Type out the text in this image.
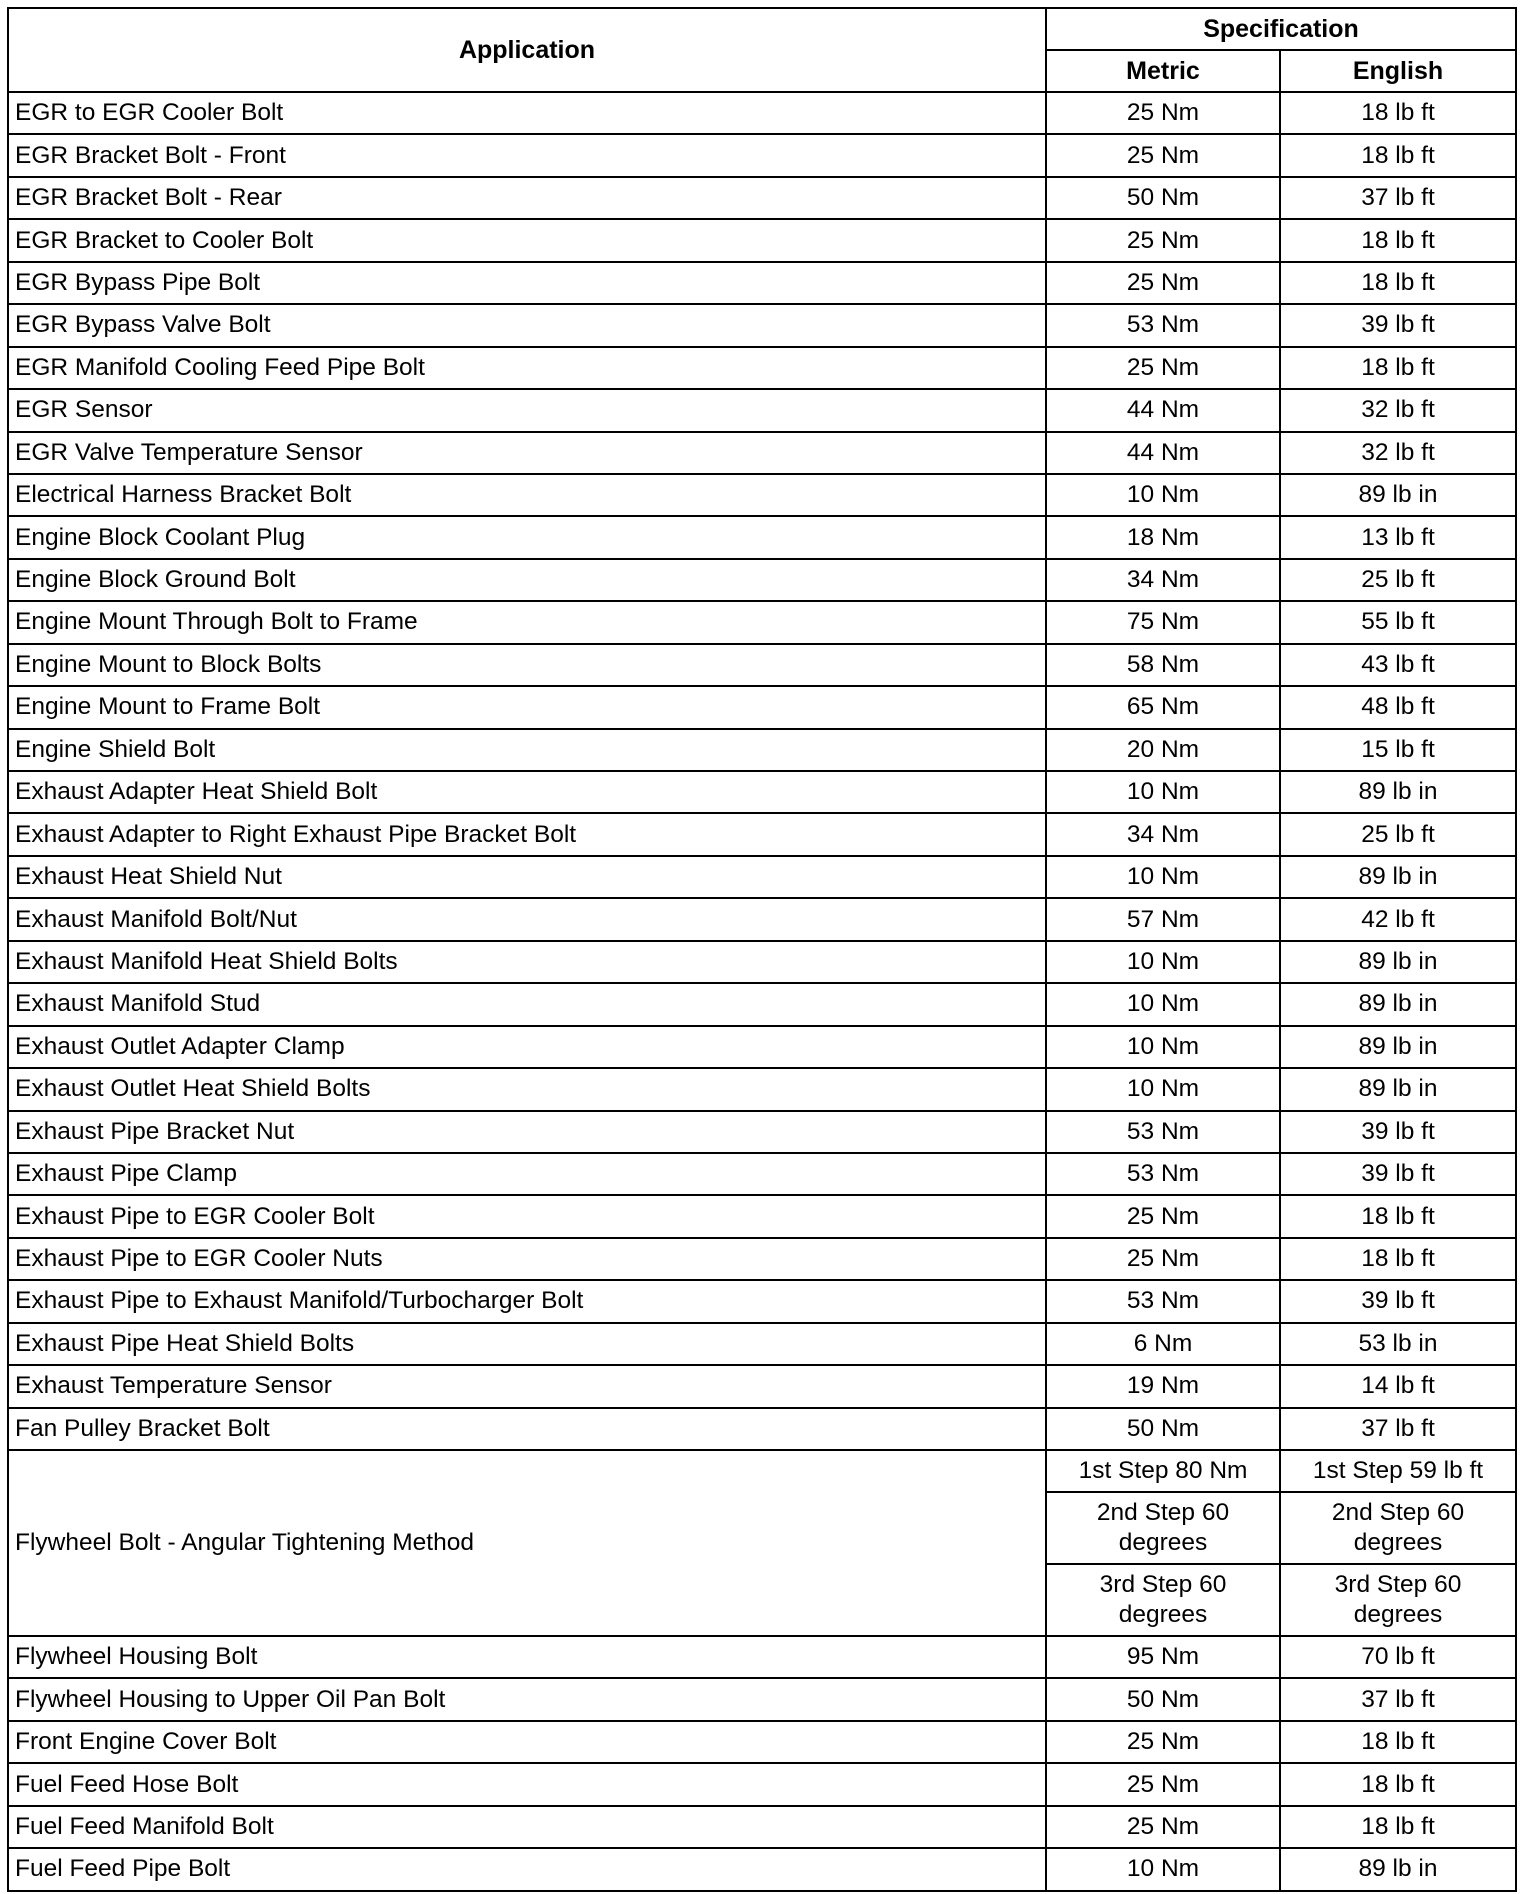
Application	Specification	
	Metric	English
EGR to EGR Cooler Bolt	25 Nm	18 lb ft
EGR Bracket Bolt - Front	25 Nm	18 lb ft
EGR Bracket Bolt - Rear	50 Nm	37 lb ft
EGR Bracket to Cooler Bolt	25 Nm	18 lb ft
EGR Bypass Pipe Bolt	25 Nm	18 lb ft
EGR Bypass Valve Bolt	53 Nm	39 lb ft
EGR Manifold Cooling Feed Pipe Bolt	25 Nm	18 lb ft
EGR Sensor	44 Nm	32 lb ft
EGR Valve Temperature Sensor	44 Nm	32 lb ft
Electrical Harness Bracket Bolt	10 Nm	89 lb in
Engine Block Coolant Plug	18 Nm	13 lb ft
Engine Block Ground Bolt	34 Nm	25 lb ft
Engine Mount Through Bolt to Frame	75 Nm	55 lb ft
Engine Mount to Block Bolts	58 Nm	43 lb ft
Engine Mount to Frame Bolt	65 Nm	48 lb ft
Engine Shield Bolt	20 Nm	15 lb ft
Exhaust Adapter Heat Shield Bolt	10 Nm	89 lb in
Exhaust Adapter to Right Exhaust Pipe Bracket Bolt	34 Nm	25 lb ft
Exhaust Heat Shield Nut	10 Nm	89 lb in
Exhaust Manifold Bolt/Nut	57 Nm	42 lb ft
Exhaust Manifold Heat Shield Bolts	10 Nm	89 lb in
Exhaust Manifold Stud	10 Nm	89 lb in
Exhaust Outlet Adapter Clamp	10 Nm	89 lb in
Exhaust Outlet Heat Shield Bolts	10 Nm	89 lb in
Exhaust Pipe Bracket Nut	53 Nm	39 lb ft
Exhaust Pipe Clamp	53 Nm	39 lb ft
Exhaust Pipe to EGR Cooler Bolt	25 Nm	18 lb ft
Exhaust Pipe to EGR Cooler Nuts	25 Nm	18 lb ft
Exhaust Pipe to Exhaust Manifold/Turbocharger Bolt	53 Nm	39 lb ft
Exhaust Pipe Heat Shield Bolts	6 Nm	53 lb in
Exhaust Temperature Sensor	19 Nm	14 lb ft
Fan Pulley Bracket Bolt	50 Nm	37 lb ft
Flywheel Bolt - Angular Tightening Method	1st Step 80 Nm	1st Step 59 lb ft
	2nd Step 60 degrees	2nd Step 60 degrees
	3rd Step 60 degrees	3rd Step 60 degrees
Flywheel Housing Bolt	95 Nm	70 lb ft
Flywheel Housing to Upper Oil Pan Bolt	50 Nm	37 lb ft
Front Engine Cover Bolt	25 Nm	18 lb ft
Fuel Feed Hose Bolt	25 Nm	18 lb ft
Fuel Feed Manifold Bolt	25 Nm	18 lb ft
Fuel Feed Pipe Bolt	10 Nm	89 lb in
